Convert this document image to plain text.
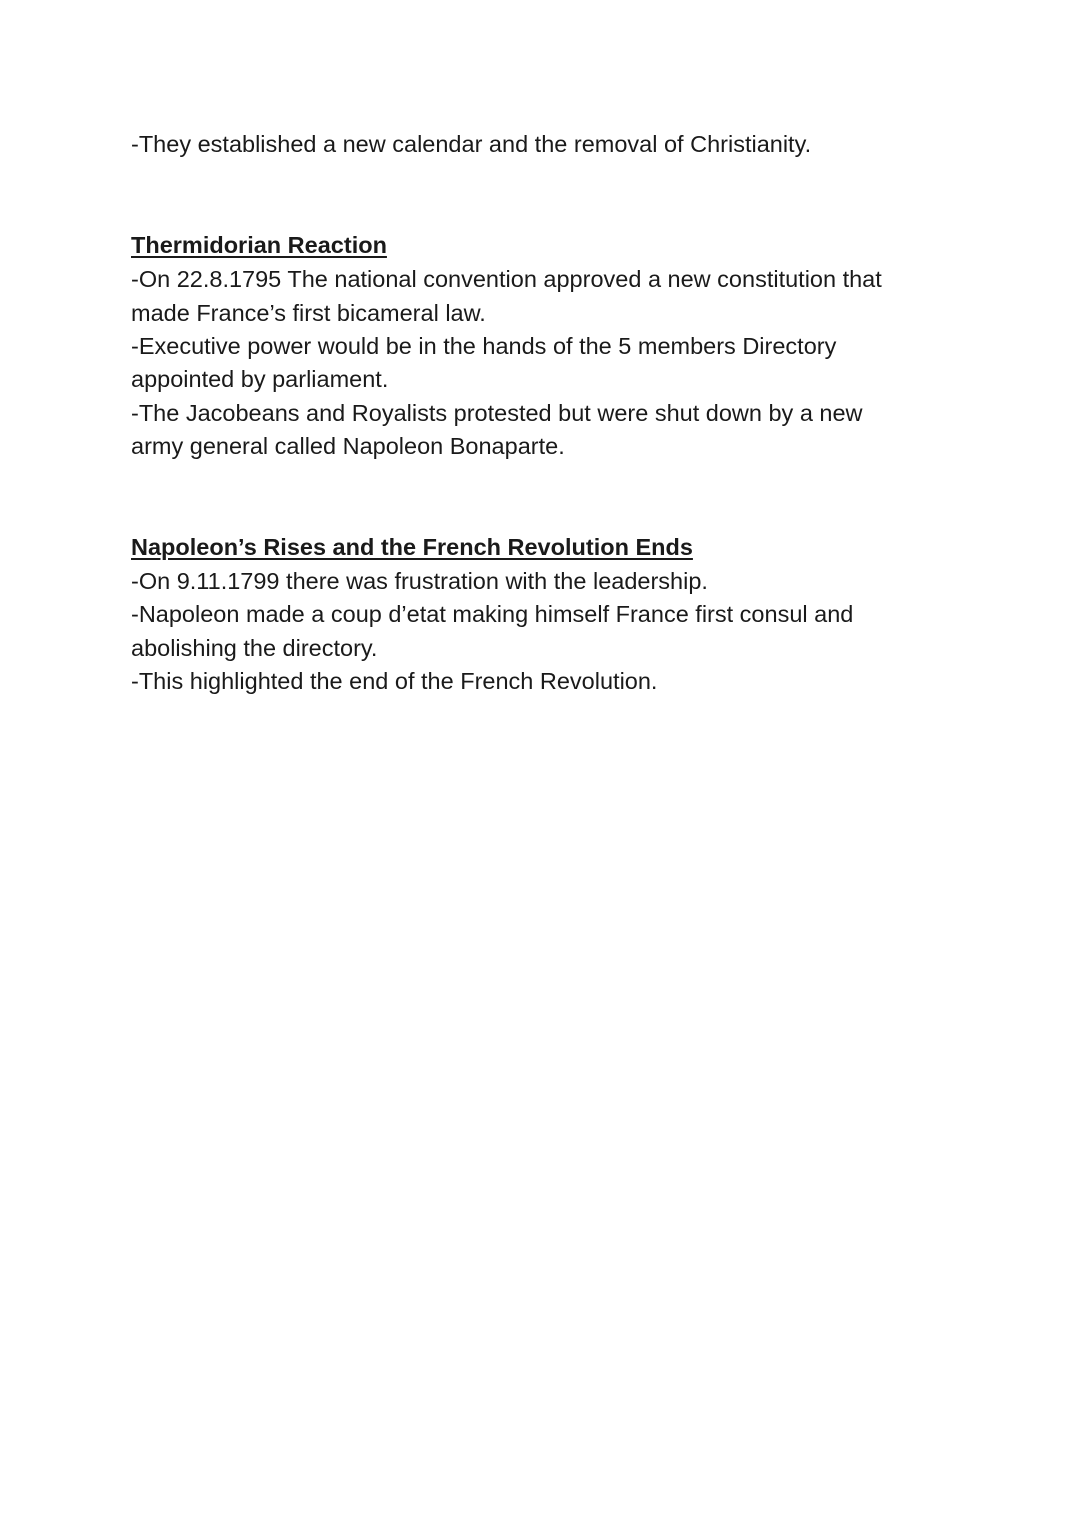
-They established a new calendar and the removal of Christianity.

Thermidorian Reaction

-On 22.8.1795 The national convention approved a new constitution that

made France’s first bicameral law.

-Executive power would be in the hands of the 5 members Directory

appointed by parliament.

-The Jacobeans and Royalists protested but were shut down by a new

army general called Napoleon Bonaparte.

Napoleon’s Rises and the French Revolution Ends

-On 9.11.1799 there was frustration with the leadership.

-Napoleon made a coup d’etat making himself France first consul and

abolishing the directory.

-This highlighted the end of the French Revolution.
